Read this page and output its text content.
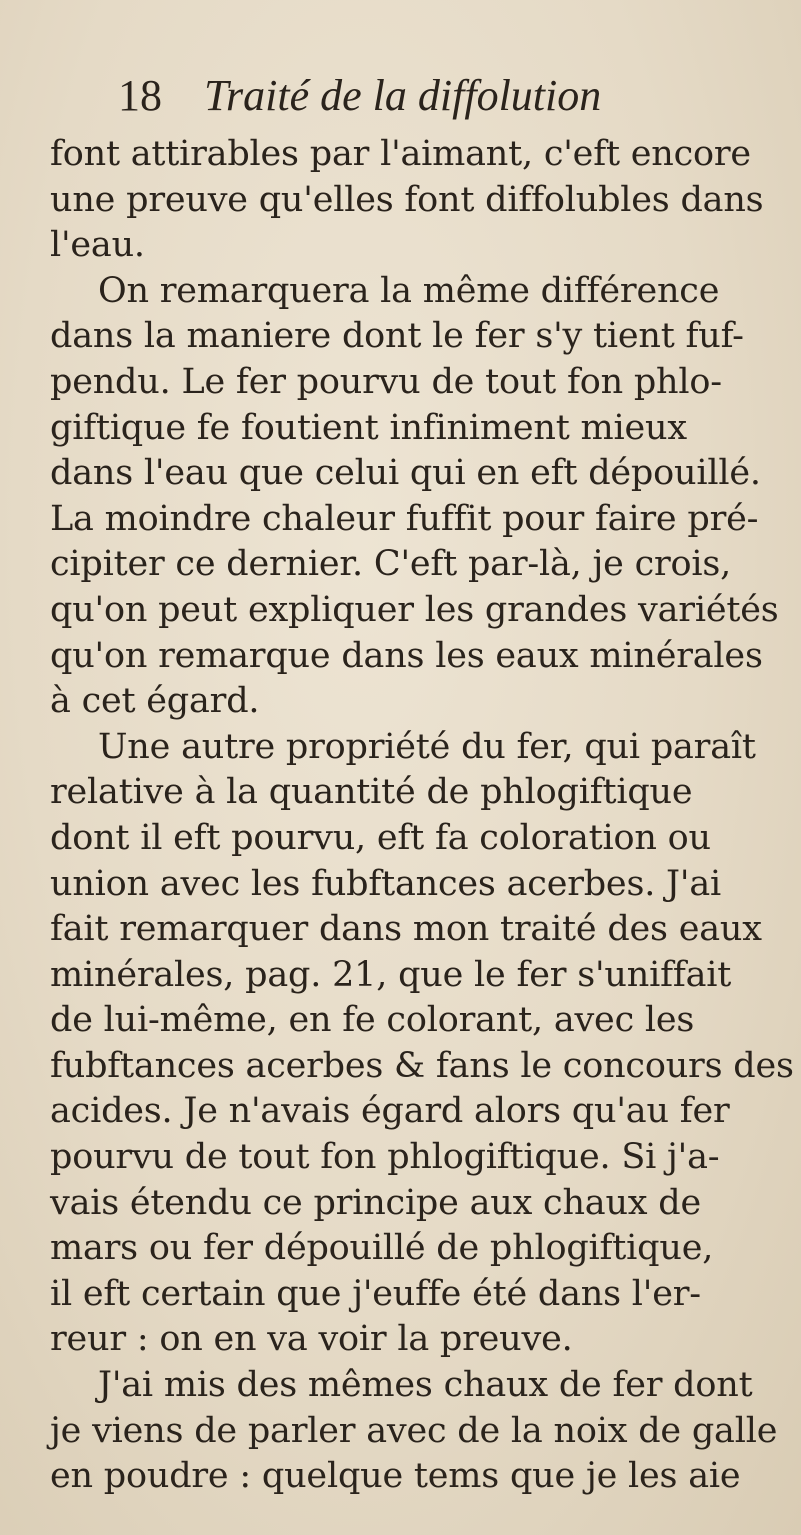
18 Traité de la diffolution
font attirables par l'aimant, c'eft encore
une preuve qu'elles font diffolubles dans
l'eau.
On remarquera la même différence
dans la maniere dont le fer s'y tient fuf-
pendu. Le fer pourvu de tout fon phlo-
giftique fe foutient infiniment mieux
dans l'eau que celui qui en eft dépouillé.
La moindre chaleur fuffit pour faire pré-
cipiter ce dernier. C'eft par-là, je crois,
qu'on peut expliquer les grandes variétés
qu'on remarque dans les eaux minérales
à cet égard.
Une autre propriété du fer, qui paraît
relative à la quantité de phlogiftique
dont il eft pourvu, eft fa coloration ou
union avec les fubftances acerbes. J'ai
fait remarquer dans mon traité des eaux
minérales, pag. 21, que le fer s'uniffait
de lui-même, en fe colorant, avec les
fubftances acerbes & fans le concours des
acides. Je n'avais égard alors qu'au fer
pourvu de tout fon phlogiftique. Si j'a-
vais étendu ce principe aux chaux de
mars ou fer dépouillé de phlogiftique,
il eft certain que j'euffe été dans l'er-
reur : on en va voir la preuve.
J'ai mis des mêmes chaux de fer dont
je viens de parler avec de la noix de galle
en poudre : quelque tems que je les aie
